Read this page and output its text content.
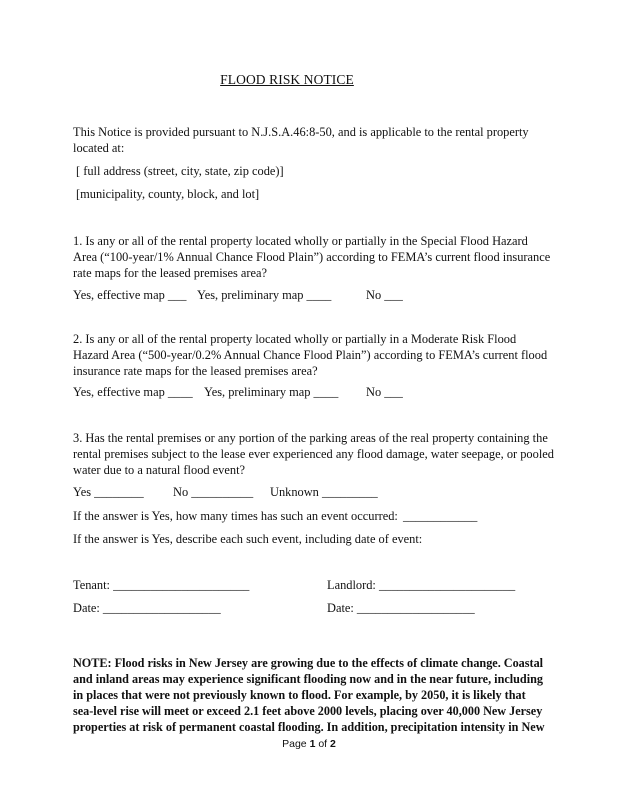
FLOOD RISK NOTICE
This Notice is provided pursuant to N.J.S.A.46:8-50, and is applicable to the rental property
located at:
[ full address (street, city, state, zip code)]
[municipality, county, block, and lot]
1. Is any or all of the rental property located wholly or partially in the Special Flood Hazard
Area (“100-year/1% Annual Chance Flood Plain”) according to FEMA’s current flood insurance
rate maps for the leased premises area?
Yes, effective map ___ Yes, preliminary map ____	No ___
2. Is any or all of the rental property located wholly or partially in a Moderate Risk Flood
Hazard Area (“500-year/0.2% Annual Chance Flood Plain”) according to FEMA’s current flood
insurance rate maps for the leased premises area?
Yes, effective map ____ Yes, preliminary map ____ No ___
3. Has the rental premises or any portion of the parking areas of the real property containing the
rental premises subject to the lease ever experienced any flood damage, water seepage, or pooled
water due to a natural flood event?
Yes ________ No __________ Unknown _________
If the answer is Yes, how many times has such an event occurred: ____________
If the answer is Yes, describe each such event, including date of event:
Tenant: ______________________	Landlord: ______________________
Date: ___________________	Date: ___________________
NOTE: Flood risks in New Jersey are growing due to the effects of climate change. Coastal
and inland areas may experience significant flooding now and in the near future, including
in places that were not previously known to flood. For example, by 2050, it is likely that
sea-level rise will meet or exceed 2.1 feet above 2000 levels, placing over 40,000 New Jersey
properties at risk of permanent coastal flooding. In addition, precipitation intensity in New
Page 1 of 2
